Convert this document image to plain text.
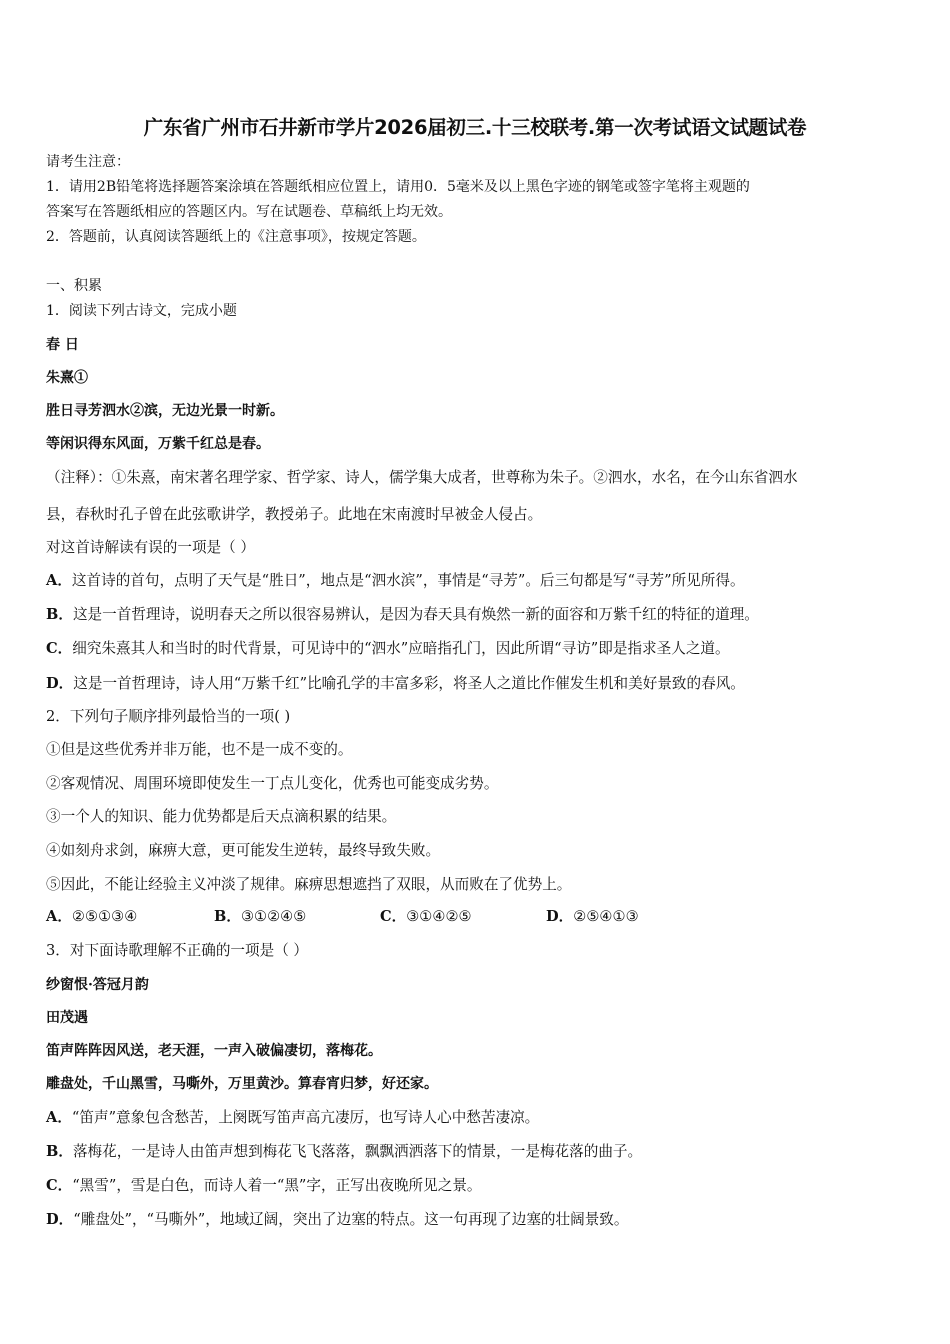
广东省广州市石井新市学片2026届初三.十三校联考.第一次考试语文试题试卷
请考生注意：
1．请用2B铅笔将选择题答案涂填在答题纸相应位置上，请用0．5毫米及以上黑色字迹的钢笔或签字笔将主观题的
答案写在答题纸相应的答题区内。写在试题卷、草稿纸上均无效。
2．答题前，认真阅读答题纸上的《注意事项》，按规定答题。
一、积累
1．阅读下列古诗文，完成小题
春 日
朱熹①
胜日寻芳泗水②滨，无边光景一时新。
等闲识得东风面，万紫千红总是春。
（注释）：①朱熹，南宋著名理学家、哲学家、诗人，儒学集大成者，世尊称为朱子。②泗水，水名，在今山东省泗水
县，春秋时孔子曾在此弦歌讲学，教授弟子。此地在宋南渡时早被金人侵占。
对这首诗解读有误的一项是（ ）
A．这首诗的首句，点明了天气是“胜日”，地点是“泗水滨”，事情是“寻芳”。后三句都是写“寻芳”所见所得。
B．这是一首哲理诗，说明春天之所以很容易辨认，是因为春天具有焕然一新的面容和万紫千红的特征的道理。
C．细究朱熹其人和当时的时代背景，可见诗中的“泗水”应暗指孔门，因此所谓“寻访”即是指求圣人之道。
D．这是一首哲理诗，诗人用“万紫千红”比喻孔学的丰富多彩，将圣人之道比作催发生机和美好景致的春风。
2．下列句子顺序排列最恰当的一项( )
①但是这些优秀并非万能，也不是一成不变的。
②客观情况、周围环境即使发生一丁点儿变化，优秀也可能变成劣势。
③一个人的知识、能力优势都是后天点滴积累的结果。
④如刻舟求剑，麻痹大意，更可能发生逆转，最终导致失败。
⑤因此，不能让经验主义冲淡了规律。麻痹思想遮挡了双眼，从而败在了优势上。
A．②⑤①③④	B．③①②④⑤	C．③①④②⑤	D．②⑤④①③
3．对下面诗歌理解不正确的一项是（ ）
纱窗恨·答冠月韵
田茂遇
笛声阵阵因风送，老天涯，一声入破偏凄切，落梅花。
雕盘处，千山黑雪，马嘶外，万里黄沙。算春宵归梦，好还家。
A．“笛声”意象包含愁苦，上阕既写笛声高亢凄厉，也写诗人心中愁苦凄凉。
B．落梅花，一是诗人由笛声想到梅花飞飞落落，飘飘洒洒落下的情景，一是梅花落的曲子。
C．“黑雪”，雪是白色，而诗人着一“黑”字，正写出夜晚所见之景。
D．“雕盘处”，“马嘶外”，地域辽阔，突出了边塞的特点。这一句再现了边塞的壮阔景致。
